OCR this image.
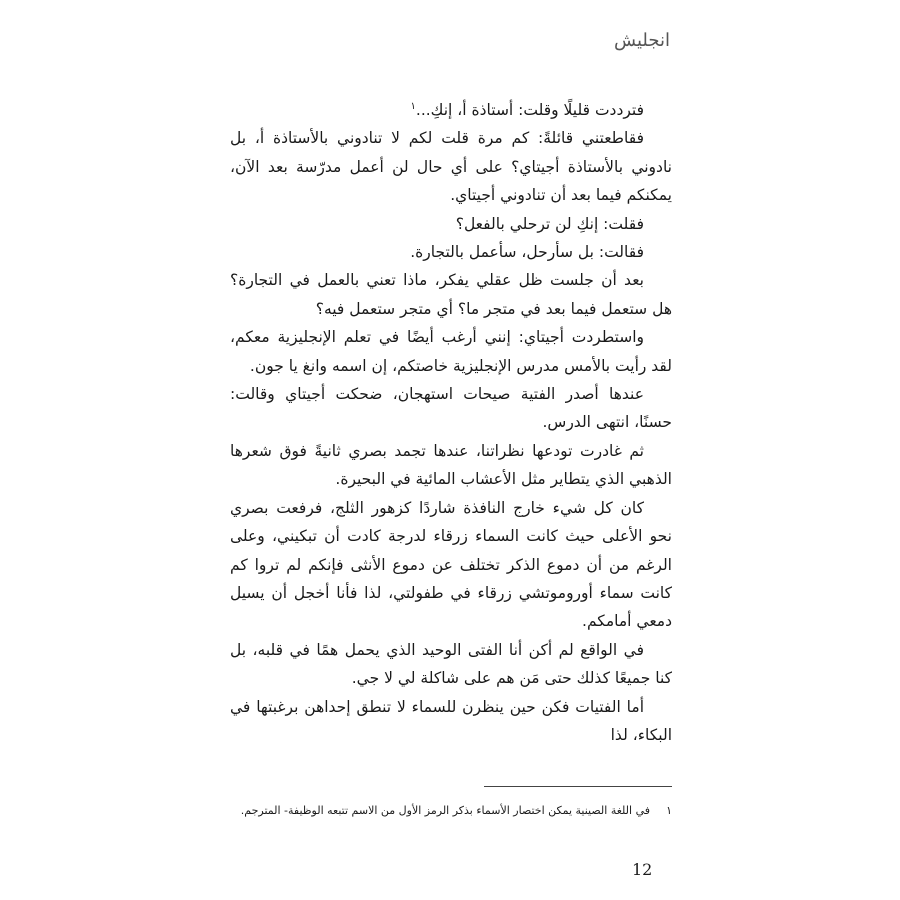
انجليش

فترددت قليلًا وقلت: أستاذة أ، إنكِ...$^١$

فقاطعتني قائلةً: كم مرة قلت لكم لا تنادوني بالأستاذة أ، بل نادوني بالأستاذة أجيتاي؟ على أي حال لن أعمل مدرّسة بعد الآن، يمكنكم فيما بعد أن تنادوني أجيتاي.

فقلت: إنكِ لن ترحلي بالفعل؟

فقالت: بل سأرحل، سأعمل بالتجارة.

بعد أن جلست ظل عقلي يفكر، ماذا تعني بالعمل في التجارة؟ هل ستعمل فيما بعد في متجر ما؟ أي متجر ستعمل فيه؟

واستطردت أجيتاي: إنني أرغب أيضًا في تعلم الإنجليزية معكم، لقد رأيت بالأمس مدرس الإنجليزية خاصتكم، إن اسمه وانغ يا جون.

عندها أصدر الفتية صيحات استهجان، ضحكت أجيتاي وقالت: حسنًا، انتهى الدرس.

ثم غادرت تودعها نظراتنا، عندها تجمد بصري ثانيةً فوق شعرها الذهبي الذي يتطاير مثل الأعشاب المائية في البحيرة.

كان كل شيء خارج النافذة شاردًا كزهور الثلج، فرفعت بصري نحو الأعلى حيث كانت السماء زرقاء لدرجة كادت أن تبكيني، وعلى الرغم من أن دموع الذكر تختلف عن دموع الأنثى فإنكم لم تروا كم كانت سماء أوروموتشي زرقاء في طفولتي، لذا فأنا أخجل أن يسيل دمعي أمامكم.

في الواقع لم أكن أنا الفتى الوحيد الذي يحمل همًا في قلبه، بل كنا جميعًا كذلك حتى مَن هم على شاكلة لي لا جي.

أما الفتيات فكن حين ينظرن للسماء لا تنطق إحداهن برغبتها في البكاء، لذا

١في اللغة الصينية يمكن اختصار الأسماء بذكر الرمز الأول من الاسم تتبعه الوظيفة- المترجم.
12
